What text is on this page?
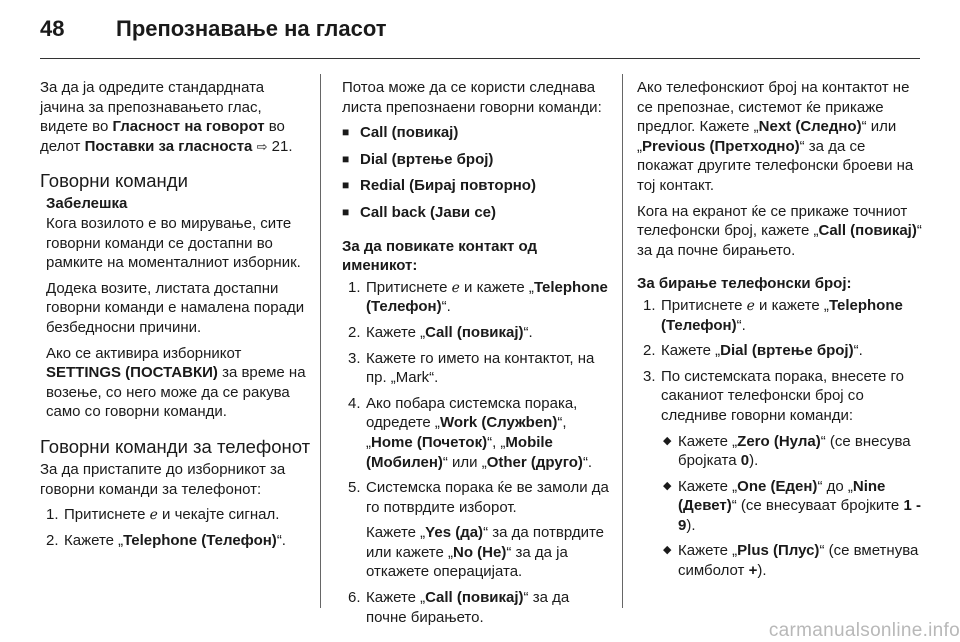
48 Препознавање на гласот

За да ја одредите стандардната јачина за препознавањето глас, видете во Гласност на говорот во делот Поставки за гласноста ⇨ 21.

Говорни команди

Забелешка

Кога возилото е во мирување, сите говорни команди се достапни во рамките на моменталниот изборник.

Додека возите, листата достапни говорни команди е намалена поради безбедносни причини.

Ако се активира изборникот SETTINGS (ПОСТАВКИ) за време на возење, со него може да се ракува само со говорни команди.

Говорни команди за телефонот

За да пристапите до изборникот за говорни команди за телефонот:

1. Притиснете ℯ и чекајте сигнал.
2. Кажете „Telephone (Телефон)“.

Потоа може да се користи следнава листа препознаени говорни команди:

■ Call (повикај)
■ Dial (вртење број)
■ Redial (Бирај повторно)
■ Call back (Јави се)

За да повикате контакт од именикот:

1. Притиснете ℯ и кажете „Telephone (Телефон)“.
2. Кажете „Call (повикај)“.
3. Кажете го името на контактот, на пр. „Mark“.
4. Ако побара системска порака, одредете „Work (Служben)“, „Home (Почеток)“, „Mobile (Мобилен)“ или „Other (друго)“.
5. Системска порака ќе ве замоли да го потврдите изборот.

Кажете „Yes (да)“ за да потврдите или кажете „No (Не)“ за да ја откажете операцијата.

6. Кажете „Call (повикај)“ за да почне бирањето.

Ако телефонскиот број на контактот не се препознае, системот ќе прикаже предлог. Кажете „Next (Следно)“ или „Previous (Претходно)“ за да се покажат другите телефонски броеви на тој контакт.

Кога на екранот ќе се прикаже точниот телефонски број, кажете „Call (повикај)“ за да почне бирањето.

За бирање телефонски број:

1. Притиснете ℯ и кажете „Telephone (Телефон)“.
2. Кажете „Dial (вртење број)“.
3. По системската порака, внесете го саканиот телефонски број со следниве говорни команди:
◆ Кажете „Zero (Нула)“ (се внесува бројката 0).
◆ Кажете „One (Еден)“ до „Nine (Девет)“ (се внесуваат бројките 1 - 9).
◆ Кажете „Plus (Плус)“ (се вметнува симболот +).
carmanualsonline.info
